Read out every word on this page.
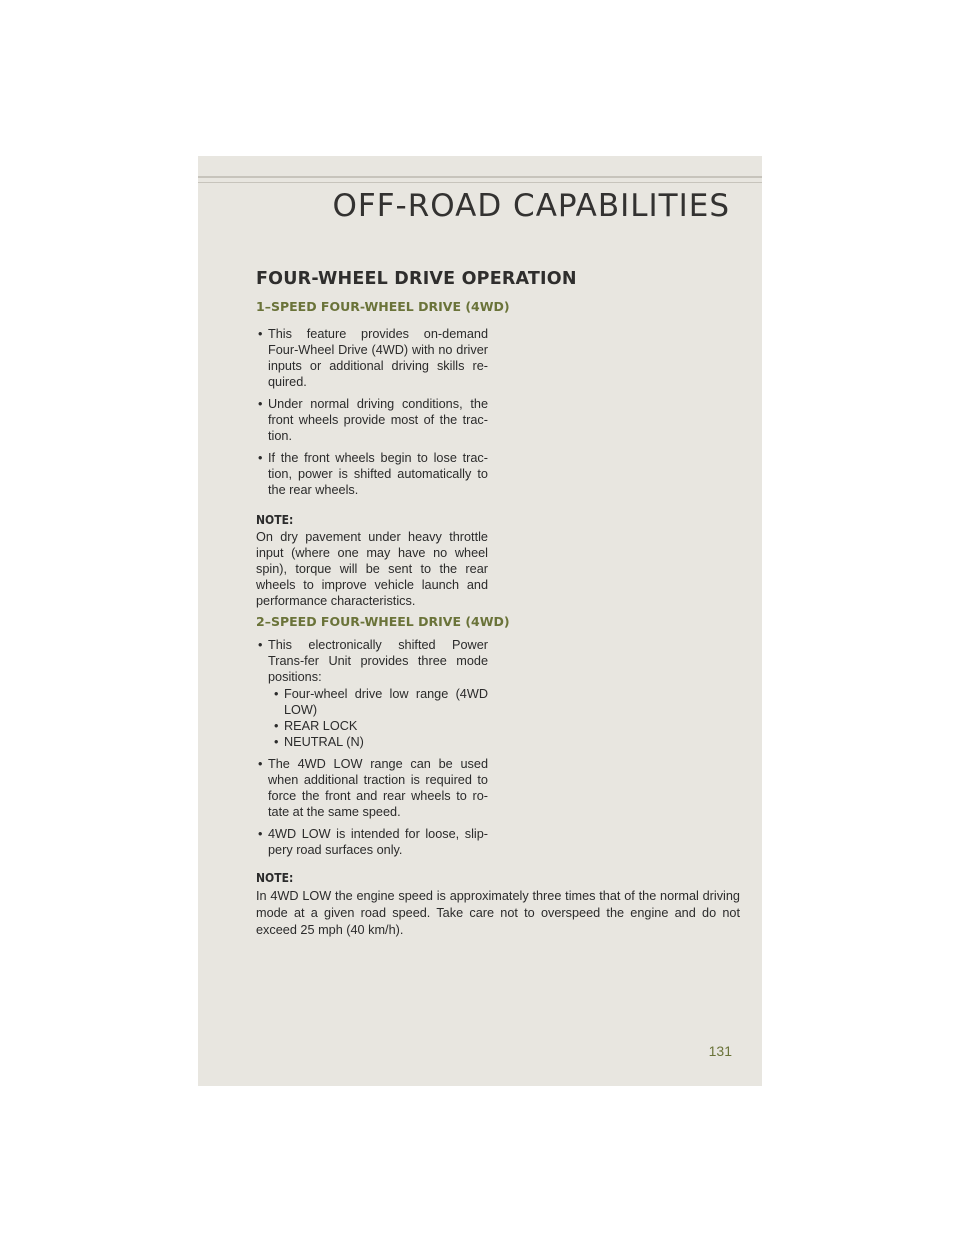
OFF-ROAD CAPABILITIES
FOUR-WHEEL DRIVE OPERATION
1–SPEED FOUR-WHEEL DRIVE (4WD)
• This feature provides on-demand Four-Wheel Drive (4WD) with no driver inputs or additional driving skills re-quired.
• Under normal driving conditions, the front wheels provide most of the trac-tion.
• If the front wheels begin to lose trac-tion, power is shifted automatically to the rear wheels.

NOTE:

On dry pavement under heavy throttle input (where one may have no wheel spin), torque will be sent to the rear wheels to improve vehicle launch and performance characteristics.

2–SPEED FOUR-WHEEL DRIVE (4WD)
• This electronically shifted Power Trans-fer Unit provides three mode positions:
• Four-wheel drive low range (4WD LOW)
• REAR LOCK
• NEUTRAL (N)
• The 4WD LOW range can be used when additional traction is required to force the front and rear wheels to ro-tate at the same speed.
• 4WD LOW is intended for loose, slip-pery road surfaces only.

NOTE:

In 4WD LOW the engine speed is approximately three times that of the normal driving mode at a given road speed. Take care not to overspeed the engine and do not exceed 25 mph (40 km/h).

131
